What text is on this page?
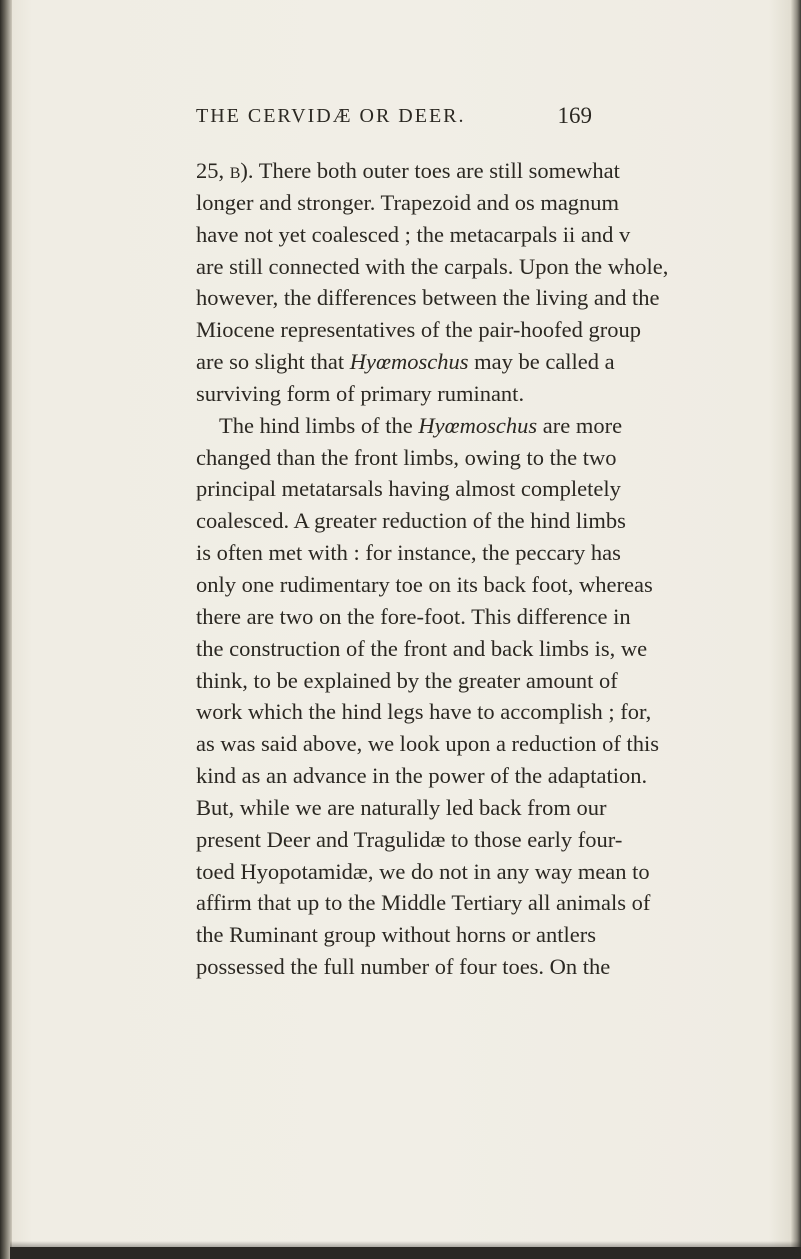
THE CERVIDÆ OR DEER.	169
25, b). There both outer toes are still somewhat
longer and stronger. Trapezoid and os magnum
have not yet coalesced ; the metacarpals ii and v
are still connected with the carpals. Upon the whole,
however, the differences between the living and the
Miocene representatives of the pair-hoofed group
are so slight that Hyœmoschus may be called a
surviving form of primary ruminant.
The hind limbs of the Hyœmoschus are more
changed than the front limbs, owing to the two
principal metatarsals having almost completely
coalesced. A greater reduction of the hind limbs
is often met with : for instance, the peccary has
only one rudimentary toe on its back foot, whereas
there are two on the fore-foot. This difference in
the construction of the front and back limbs is, we
think, to be explained by the greater amount of
work which the hind legs have to accomplish ; for,
as was said above, we look upon a reduction of this
kind as an advance in the power of the adaptation.
But, while we are naturally led back from our
present Deer and Tragulidæ to those early four-
toed Hyopotamidæ, we do not in any way mean to
affirm that up to the Middle Tertiary all animals of
the Ruminant group without horns or antlers
possessed the full number of four toes. On the
